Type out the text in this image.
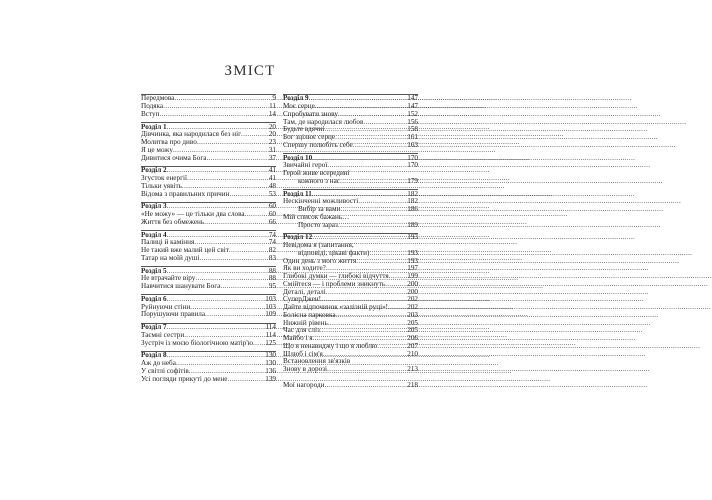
ЗМІСТ
Передмова .....	9
Подяка .....	11
Вступ .....	14
Розділ 1 .....	20
Дівчинка, яка народилася без ніг .....	20
Молитва про диво .....	23
Я це можу .....	31
Дивитися очима Бога .....	37
Розділ 2 .....	41
Згусток енергії .....	41
Тільки уявіть .....	48
Відома з правильних причин .....	53
Розділ 3 .....	60
«Не можу» — це тільки два слова .....	60
Життя без обмежень .....	66
Розділ 4 .....	74
Палиці й каміння .....	74
Не такий вже малий цей світ .....	82
Татар на моїй душі .....	83
Розділ 5 .....	88
Не втрачайте віру .....	88
Навчитися шанувати Бога .....	95
Розділ 6 .....	103
Руйнуючи стіни .....	103
Порушуючи правила .....	109
Розділ 7 .....	114
Таємні сестри .....	114
Зустріч із моєю біологічною матір'ю ..... 125
Розділ 8 .....	130
Аж до неба .....	130
У світлі софітів .....	136
Усі погляди прикуті до мене .....	139
Розділ 9 .....	147
Моє серце .....	147
Спробувати знову .....	152
Там, де народилася любов .....	156
Будьте вдячні .....	158
Бог зцілює серце .....	161
Спершу полюбіть себе .....	163
Розділ 10 .....	170
Звичайні герої .....	170
Герой живе всередині
кожного з нас .....	179
Розділ 11 .....	182
Нескінченні можливості .....	182
Вибір за вами .....	186
Мій список бажань…
Просто зараз .....	189
Розділ 12 .....	193
Невідома я (запитання,
відповіді, цікаві факти) .....	193
Один день з мого життя .....	193
Як ви ходите? .....	197
Глибокі думки — глибокі відчуття .....	199
Смійтеся — і проблеми зникнуть .....	200
Деталі, деталі .....	200
СуперДжен! .....	202
Дайте відпочинок «залізній руці»! .....	202
Болісна парковка .....	203
Нижній рівень .....	205
Час для сліз .....	205
Майбо і я .....	206
Що я ненавиджу і що я люблю .....	207
Шлюб і сім'я .....	210
Встановлення зв'язків
Знову в дорозі .....	213
Мої нагороди .....	218
